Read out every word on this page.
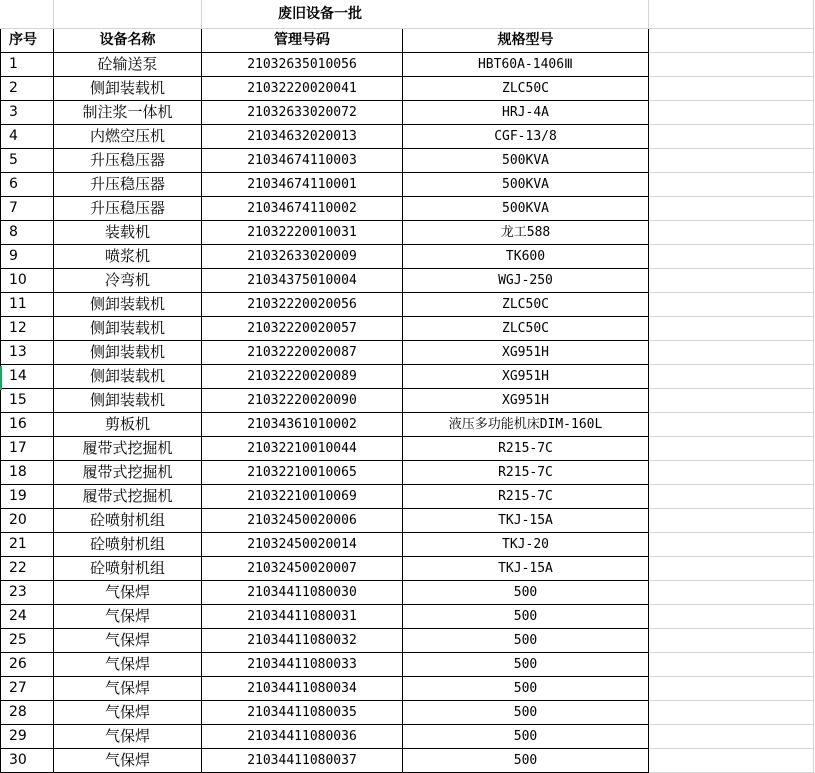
		废旧设备一批		
序号	设备名称	管理号码	规格型号	
1	砼输送泵	21032635010056	HBT60A-1406Ⅲ	
2	侧卸装载机	21032220020041	ZLC50C	
3	制注浆一体机	21032633020072	HRJ-4A	
4	内燃空压机	21034632020013	CGF-13/8	
5	升压稳压器	21034674110003	500KVA	
6	升压稳压器	21034674110001	500KVA	
7	升压稳压器	21034674110002	500KVA	
8	装载机	21032220010031	龙工588	
9	喷浆机	21032633020009	TK600	
10	冷弯机	21034375010004	WGJ-250	
11	侧卸装载机	21032220020056	ZLC50C	
12	侧卸装载机	21032220020057	ZLC50C	
13	侧卸装载机	21032220020087	XG951H	
14	侧卸装载机	21032220020089	XG951H	
15	侧卸装载机	21032220020090	XG951H	
16	剪板机	21034361010002	液压多功能机床DIM-160L	
17	履带式挖掘机	21032210010044	R215-7C	
18	履带式挖掘机	21032210010065	R215-7C	
19	履带式挖掘机	21032210010069	R215-7C	
20	砼喷射机组	21032450020006	TKJ-15A	
21	砼喷射机组	21032450020014	TKJ-20	
22	砼喷射机组	21032450020007	TKJ-15A	
23	气保焊	21034411080030	500	
24	气保焊	21034411080031	500	
25	气保焊	21034411080032	500	
26	气保焊	21034411080033	500	
27	气保焊	21034411080034	500	
28	气保焊	21034411080035	500	
29	气保焊	21034411080036	500	
30	气保焊	21034411080037	500	
